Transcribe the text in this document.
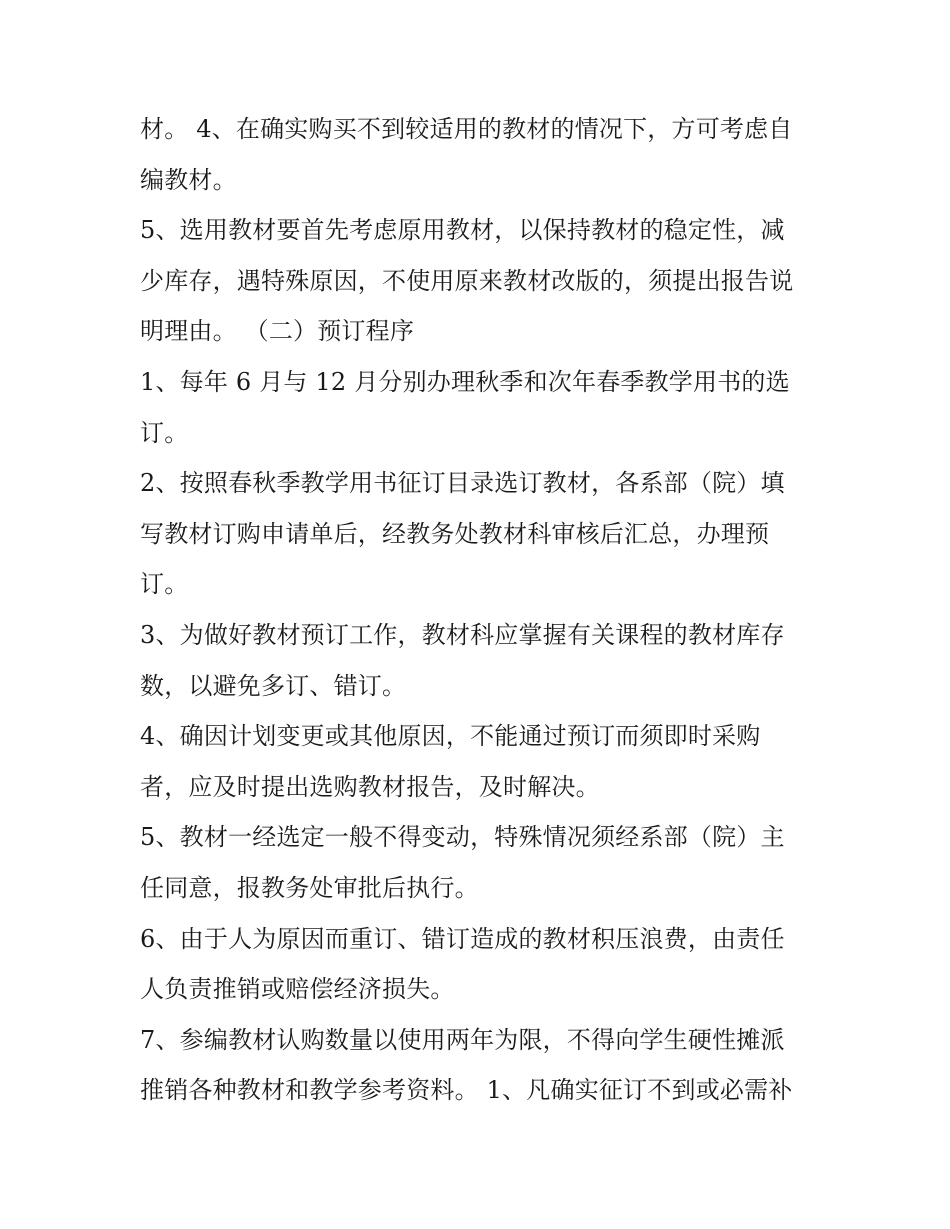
材。 4、在确实购买不到较适用的教材的情况下，方可考虑自
编教材。
5、选用教材要首先考虑原用教材，以保持教材的稳定性，减
少库存，遇特殊原因，不使用原来教材改版的，须提出报告说
明理由。 （二）预订程序
1、每年 6 月与 12 月分别办理秋季和次年春季教学用书的选
订。
2、按照春秋季教学用书征订目录选订教材，各系部（院）填
写教材订购申请单后，经教务处教材科审核后汇总，办理预
订。
3、为做好教材预订工作，教材科应掌握有关课程的教材库存
数，以避免多订、错订。
4、确因计划变更或其他原因，不能通过预订而须即时采购
者，应及时提出选购教材报告，及时解决。
5、教材一经选定一般不得变动，特殊情况须经系部（院）主
任同意，报教务处审批后执行。
6、由于人为原因而重订、错订造成的教材积压浪费，由责任
人负责推销或赔偿经济损失。
7、参编教材认购数量以使用两年为限，不得向学生硬性摊派
推销各种教材和教学参考资料。 1、凡确实征订不到或必需补
